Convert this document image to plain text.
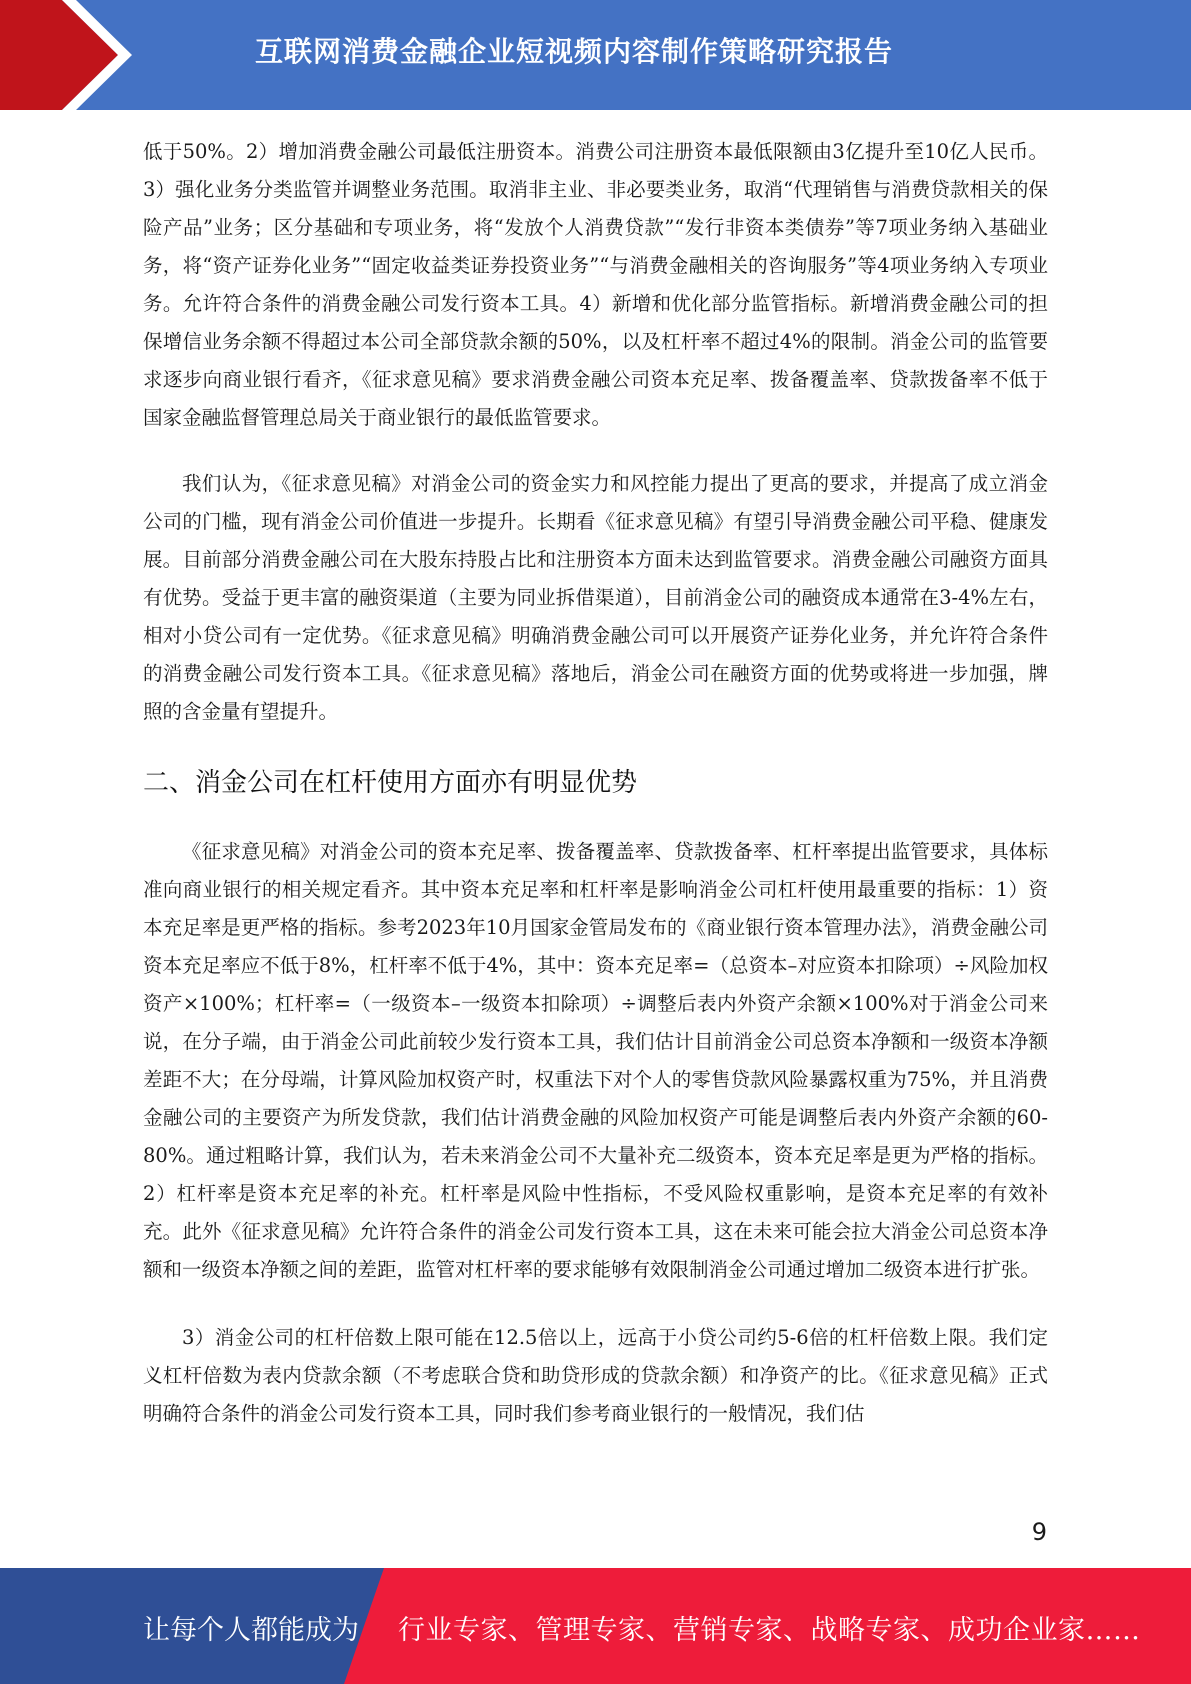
互联网消费金融企业短视频内容制作策略研究报告

低于50%。2）增加消费金融公司最低注册资本。消费公司注册资本最低限额由3亿提升至10亿人民币。3）强化业务分类监管并调整业务范围。取消非主业、非必要类业务，取消“代理销售与消费贷款相关的保险产品”业务；区分基础和专项业务，将“发放个人消费贷款”“发行非资本类债券”等7项业务纳入基础业务，将“资产证券化业务”“固定收益类证券投资业务”“与消费金融相关的咨询服务”等4项业务纳入专项业务。允许符合条件的消费金融公司发行资本工具。4）新增和优化部分监管指标。新增消费金融公司的担保增信业务余额不得超过本公司全部贷款余额的50%，以及杠杆率不超过4%的限制。消金公司的监管要求逐步向商业银行看齐，《征求意见稿》要求消费金融公司资本充足率、拨备覆盖率、贷款拨备率不低于国家金融监督管理总局关于商业银行的最低监管要求。

我们认为，《征求意见稿》对消金公司的资金实力和风控能力提出了更高的要求，并提高了成立消金公司的门槛，现有消金公司价值进一步提升。长期看《征求意见稿》有望引导消费金融公司平稳、健康发展。目前部分消费金融公司在大股东持股占比和注册资本方面未达到监管要求。消费金融公司融资方面具有优势。受益于更丰富的融资渠道（主要为同业拆借渠道），目前消金公司的融资成本通常在3-4%左右，相对小贷公司有一定优势。《征求意见稿》明确消费金融公司可以开展资产证券化业务，并允许符合条件的消费金融公司发行资本工具。《征求意见稿》落地后，消金公司在融资方面的优势或将进一步加强，牌照的含金量有望提升。

二、消金公司在杠杆使用方面亦有明显优势

《征求意见稿》对消金公司的资本充足率、拨备覆盖率、贷款拨备率、杠杆率提出监管要求，具体标准向商业银行的相关规定看齐。其中资本充足率和杠杆率是影响消金公司杠杆使用最重要的指标：1）资本充足率是更严格的指标。参考2023年10月国家金管局发布的《商业银行资本管理办法》，消费金融公司资本充足率应不低于8%，杠杆率不低于4%，其中：资本充足率=（总资本–对应资本扣除项）÷风险加权资产×100%；杠杆率=（一级资本–一级资本扣除项）÷调整后表内外资产余额×100%对于消金公司来说，在分子端，由于消金公司此前较少发行资本工具，我们估计目前消金公司总资本净额和一级资本净额差距不大；在分母端，计算风险加权资产时，权重法下对个人的零售贷款风险暴露权重为75%，并且消费金融公司的主要资产为所发贷款，我们估计消费金融的风险加权资产可能是调整后表内外资产余额的60-80%。通过粗略计算，我们认为，若未来消金公司不大量补充二级资本，资本充足率是更为严格的指标。2）杠杆率是资本充足率的补充。杠杆率是风险中性指标，不受风险权重影响，是资本充足率的有效补充。此外《征求意见稿》允许符合条件的消金公司发行资本工具，这在未来可能会拉大消金公司总资本净额和一级资本净额之间的差距，监管对杠杆率的要求能够有效限制消金公司通过增加二级资本进行扩张。

3）消金公司的杠杆倍数上限可能在12.5倍以上，远高于小贷公司约5-6倍的杠杆倍数上限。我们定义杠杆倍数为表内贷款余额（不考虑联合贷和助贷形成的贷款余额）和净资产的比。《征求意见稿》正式明确符合条件的消金公司发行资本工具，同时我们参考商业银行的一般情况，我们估

9
让每个人都能成为 行业专家、管理专家、营销专家、战略专家、成功企业家……
